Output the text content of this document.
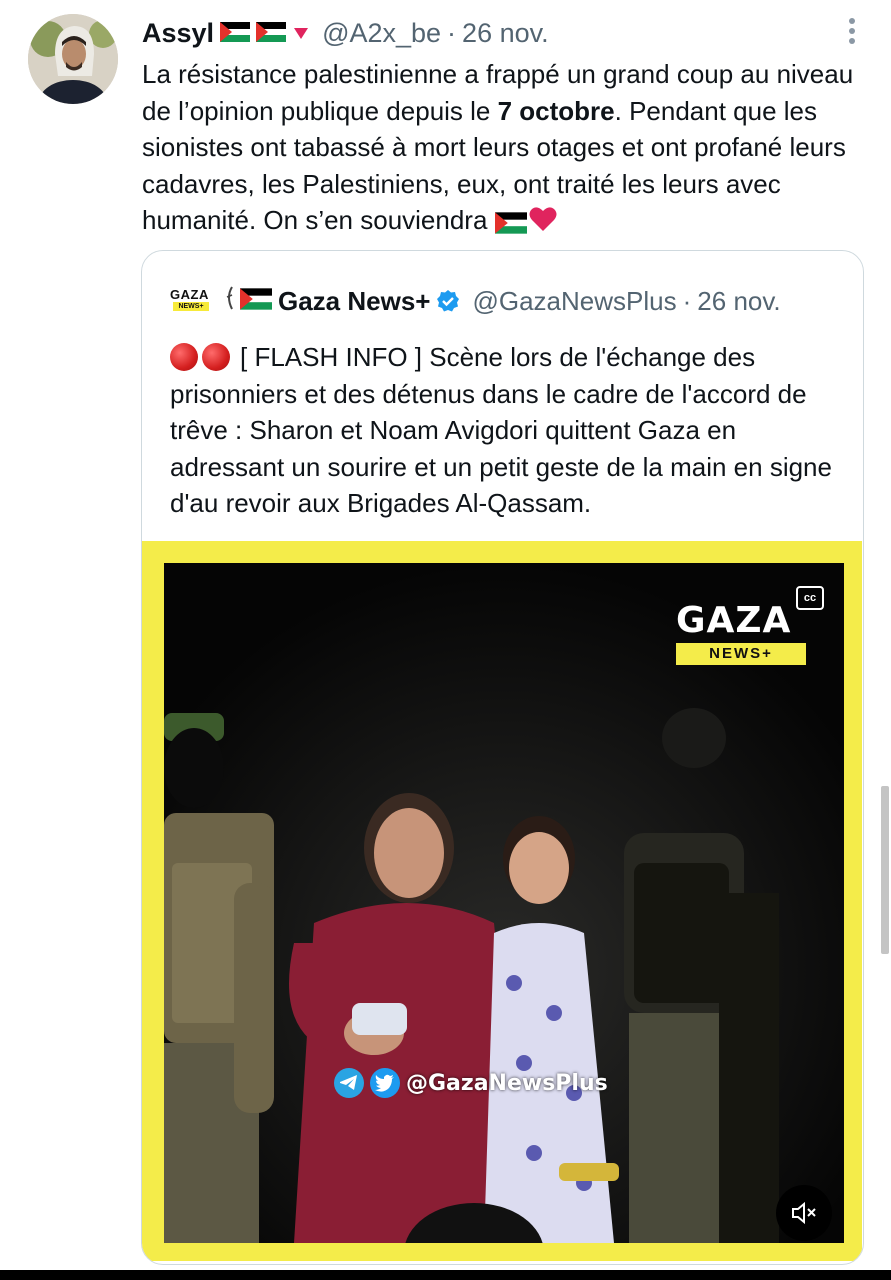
Assyl	@A2x_be · 26 nov.
La résistance palestinienne a frappé un grand coup au niveau de l’opinion publique depuis le 7 octobre. Pendant que les sionistes ont tabassé à mort leurs otages et ont profané leurs cadavres, les Palestiniens, eux, ont traité les leurs avec humanité. On s’en souviendra
GAZA
NEWS+	Gaza News+ @GazaNewsPlus · 26 nov.
[ FLASH INFO ] Scène lors de l'échange des prisonniers et des détenus dans le cadre de l'accord de trêve : Sharon et Noam Avigdori quittent Gaza en adressant un sourire et un petit geste de la main en signe d'au revoir aux Brigades Al-Qassam.
GAZA
NEWS+
cc
@GazaNewsPlus
